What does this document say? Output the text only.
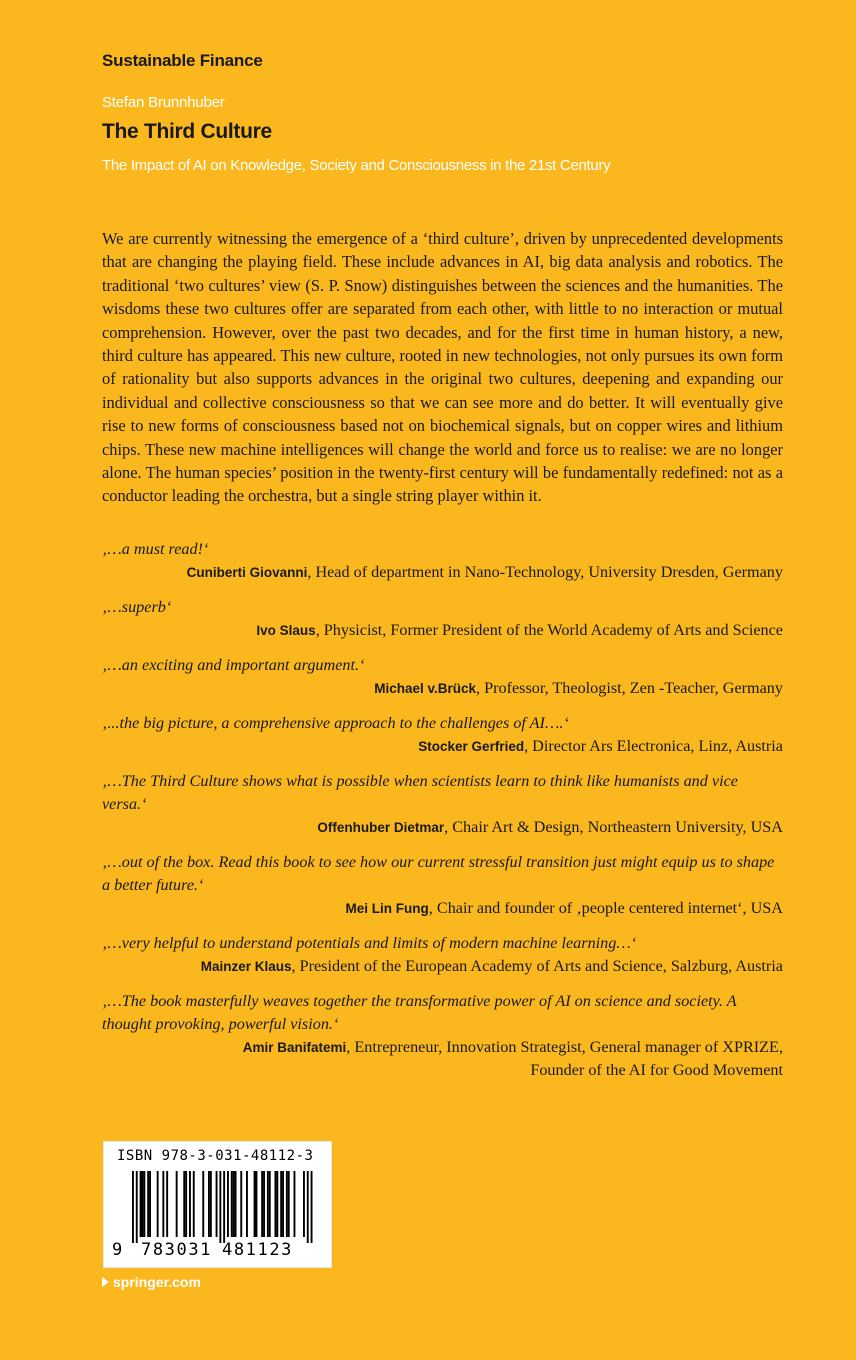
Sustainable Finance
Stefan Brunnhuber
The Third Culture
The Impact of AI on Knowledge, Society and Consciousness in the 21st Century

We are currently witnessing the emergence of a ‘third culture’, driven by unprecedented developments that are changing the playing field. These include advances in AI, big data analysis and robotics. The traditional ‘two cultures’ view (S. P. Snow) distinguishes between the sciences and the humanities. The wisdoms these two cultures offer are separated from each other, with little to no interaction or mutual comprehension. However, over the past two decades, and for the first time in human history, a new, third culture has appeared. This new culture, rooted in new technologies, not only pursues its own form of rationality but also supports advances in the original two cultures, deepening and expanding our individual and collective consciousness so that we can see more and do better. It will eventually give rise to new forms of consciousness based not on biochemical signals, but on copper wires and lithium chips. These new machine intelligences will change the world and force us to realise: we are no longer alone. The human species’ position in the twenty-first century will be fundamentally redefined: not as a conductor leading the orchestra, but a single string player within it.

‚…a must read!‘

Cuniberti Giovanni, Head of department in Nano-Technology, University Dresden, Germany

‚…superb‘

Ivo Slaus, Physicist, Former President of the World Academy of Arts and Science

‚…an exciting and important argument.‘

Michael v.Brück, Professor, Theologist, Zen -Teacher, Germany

‚...the big picture, a comprehensive approach to the challenges of AI….‘

Stocker Gerfried, Director Ars Electronica, Linz, Austria

‚…The Third Culture shows what is possible when scientists learn to think like humanists and vice versa.‘

Offenhuber Dietmar, Chair Art & Design, Northeastern University, USA

‚…out of the box. Read this book to see how our current stressful transition just might equip us to shape a better future.‘

Mei Lin Fung, Chair and founder of ‚people centered internet‘, USA

‚…very helpful to understand potentials and limits of modern machine learning…‘

Mainzer Klaus, President of the European Academy of Arts and Science, Salzburg, Austria

‚…The book masterfully weaves together the transformative power of AI on science and society. A thought provoking, powerful vision.‘

Amir Banifatemi, Entrepreneur, Innovation Strategist, General manager of XPRIZE,

Founder of the AI for Good Movement

ISBN 978-3-031-48112-3
9 783031 481123
springer.com
